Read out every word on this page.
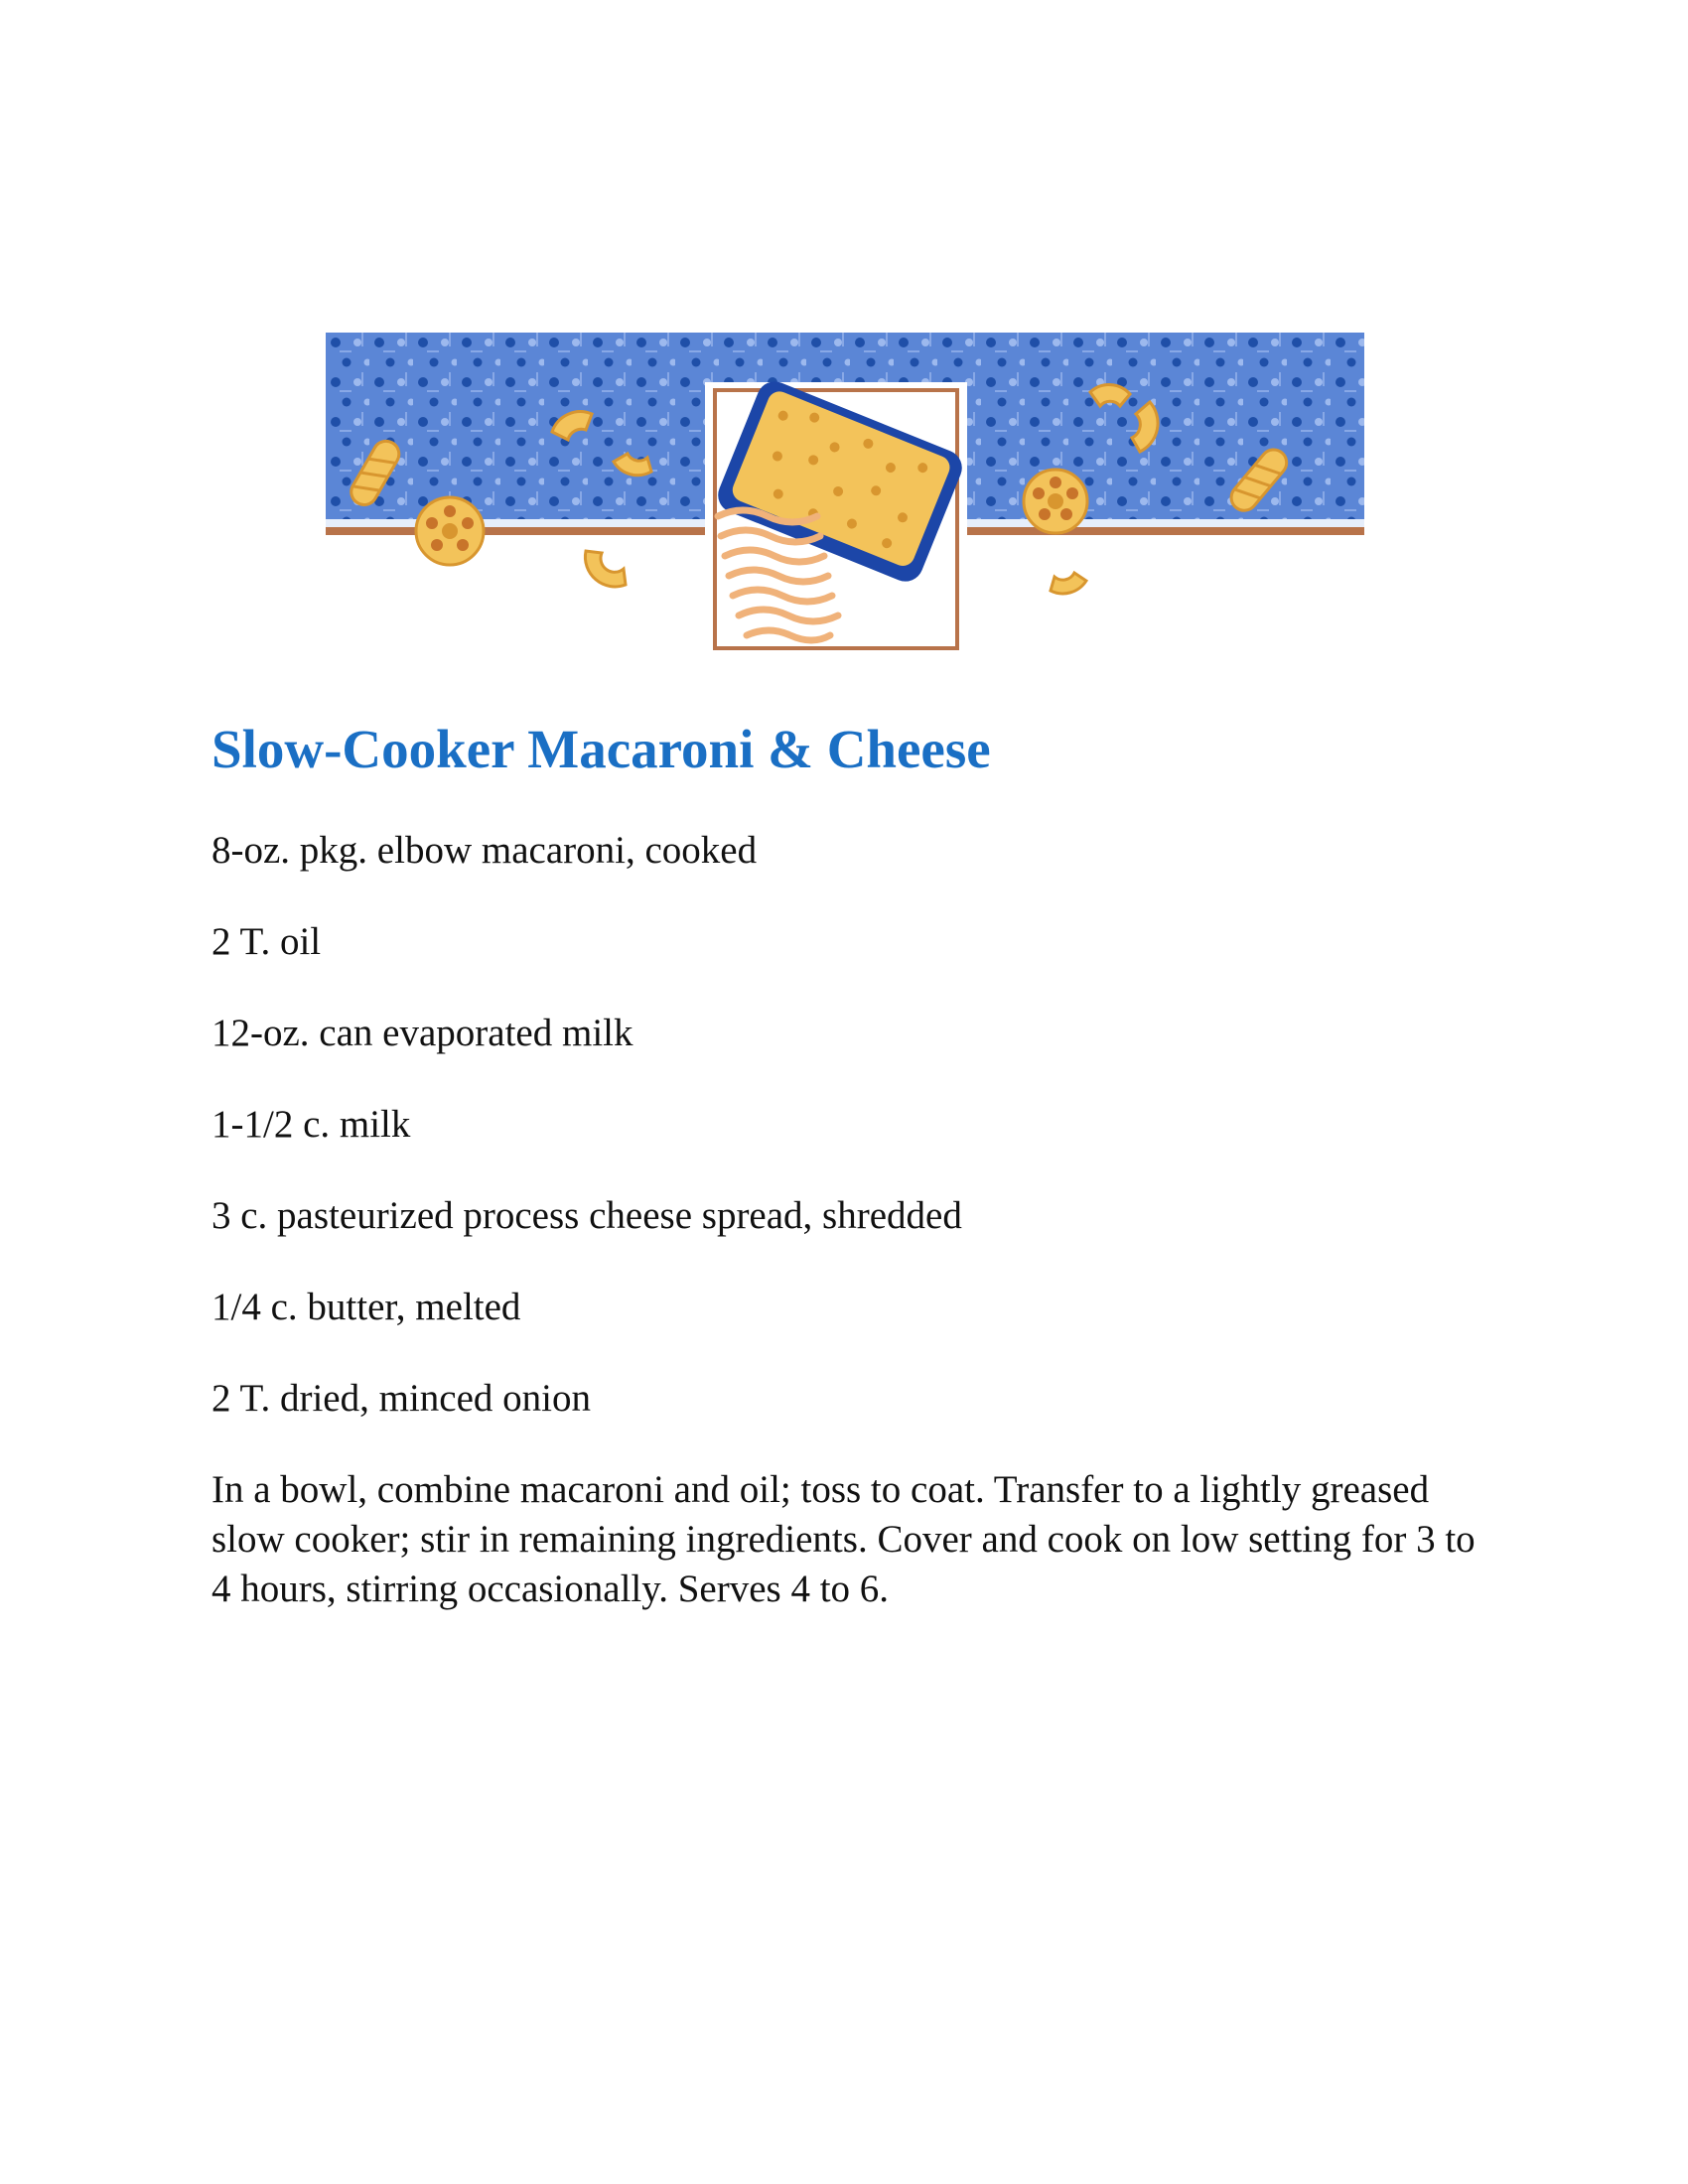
Slow-Cooker Macaroni & Cheese
8-oz. pkg. elbow macaroni, cooked
2 T. oil
12-oz. can evaporated milk
1-1/2 c. milk
3 c. pasteurized process cheese spread, shredded
1/4 c. butter, melted
2 T. dried, minced onion

In a bowl, combine macaroni and oil; toss to coat. Transfer to a lightly greased slow cooker; stir in remaining ingredients. Cover and cook on low setting for 3 to 4 hours, stirring occasionally. Serves 4 to 6.
